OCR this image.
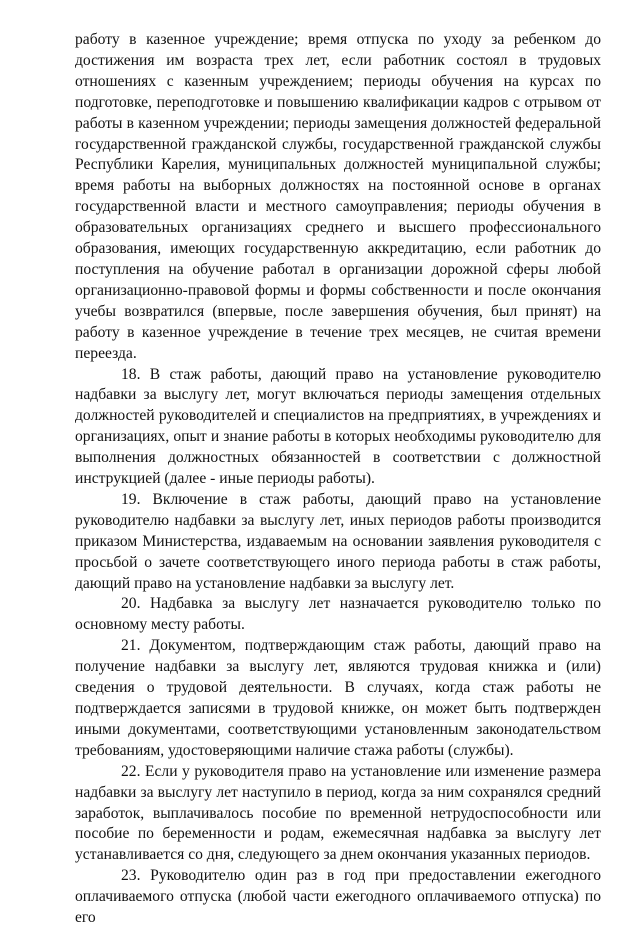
работу в казенное учреждение; время отпуска по уходу за ребенком до достижения им возраста трех лет, если работник состоял в трудовых отношениях с казенным учреждением; периоды обучения на курсах по подготовке, переподготовке и повышению квалификации кадров с отрывом от работы в казенном учреждении; периоды замещения должностей федеральной государственной гражданской службы, государственной гражданской службы Республики Карелия, муниципальных должностей муниципальной службы; время работы на выборных должностях на постоянной основе в органах государственной власти и местного самоуправления; периоды обучения в образовательных организациях среднего и высшего профессионального образования, имеющих государственную аккредитацию, если работник до поступления на обучение работал в организации дорожной сферы любой организационно-правовой формы и формы собственности и после окончания учебы возвратился (впервые, после завершения обучения, был принят) на работу в казенное учреждение в течение трех месяцев, не считая времени переезда.

18. В стаж работы, дающий право на установление руководителю надбавки за выслугу лет, могут включаться периоды замещения отдельных должностей руководителей и специалистов на предприятиях, в учреждениях и организациях, опыт и знание работы в которых необходимы руководителю для выполнения должностных обязанностей в соответствии с должностной инструкцией (далее - иные периоды работы).

19. Включение в стаж работы, дающий право на установление руководителю надбавки за выслугу лет, иных периодов работы производится приказом Министерства, издаваемым на основании заявления руководителя с просьбой о зачете соответствующего иного периода работы в стаж работы, дающий право на установление надбавки за выслугу лет.

20. Надбавка за выслугу лет назначается руководителю только по основному месту работы.

21. Документом, подтверждающим стаж работы, дающий право на получение надбавки за выслугу лет, являются трудовая книжка и (или) сведения о трудовой деятельности. В случаях, когда стаж работы не подтверждается записями в трудовой книжке, он может быть подтвержден иными документами, соответствующими установленным законодательством требованиям, удостоверяющими наличие стажа работы (службы).

22. Если у руководителя право на установление или изменение размера надбавки за выслугу лет наступило в период, когда за ним сохранялся средний заработок, выплачивалось пособие по временной нетрудоспособности или пособие по беременности и родам, ежемесячная надбавка за выслугу лет устанавливается со дня, следующего за днем окончания указанных периодов.

23. Руководителю один раз в год при предоставлении ежегодного оплачиваемого отпуска (любой части ежегодного оплачиваемого отпуска) по его
